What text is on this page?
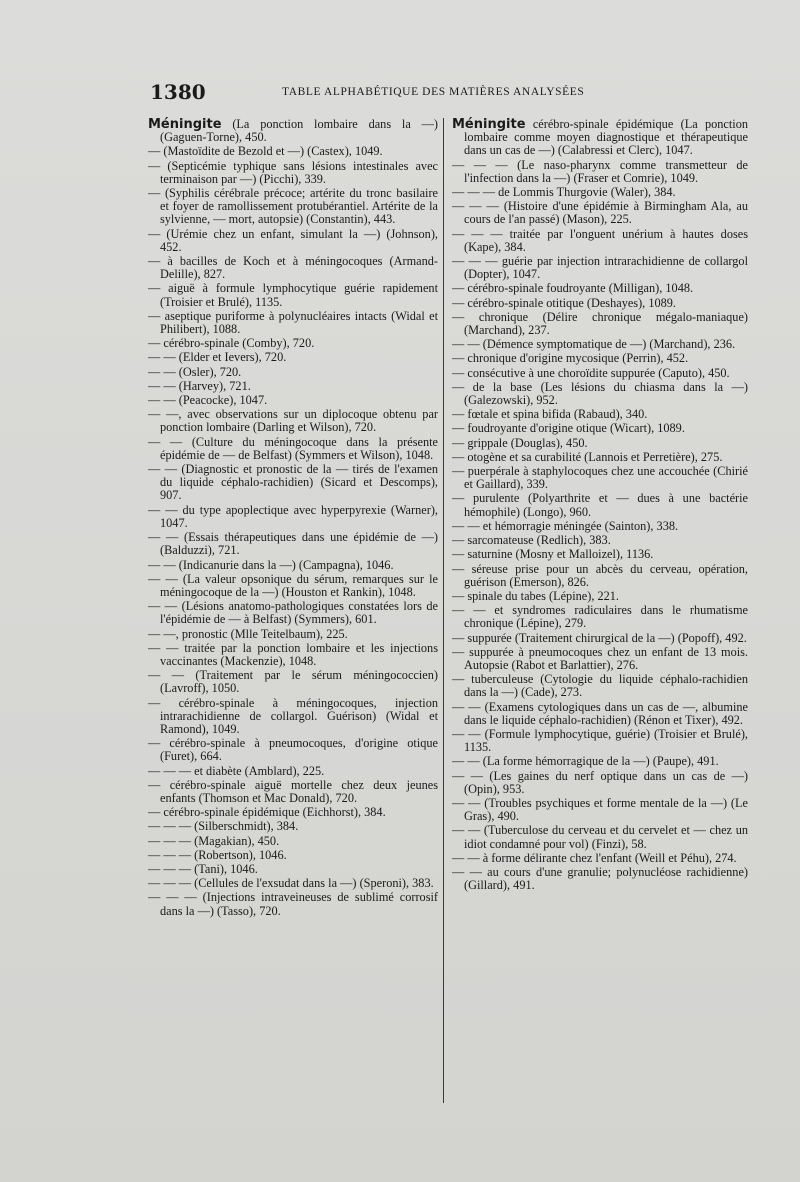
1380	TABLE ALPHABÉTIQUE DES MATIÈRES ANALYSÉES

Méningite (La ponction lombaire dans la —) (Gaguen-Torne), 450.

— (Mastoïdite de Bezold et —) (Castex), 1049.

— (Septicémie typhique sans lésions intestinales avec terminaison par —) (Picchi), 339.

— (Syphilis cérébrale précoce; artérite du tronc basilaire et foyer de ramollissement protubérantiel. Artérite de la sylvienne, — mort, autopsie) (Constantin), 443.

— (Urémie chez un enfant, simulant la —) (Johnson), 452.

— à bacilles de Koch et à méningocoques (Armand-Delille), 827.

— aiguë à formule lymphocytique guérie rapidement (Troisier et Brulé), 1135.

— aseptique puriforme à polynucléaires intacts (Widal et Philibert), 1088.

— cérébro-spinale (Comby), 720.

— — (Elder et Ievers), 720.

— — (Osler), 720.

— — (Harvey), 721.

— — (Peacocke), 1047.

— —, avec observations sur un diplocoque obtenu par ponction lombaire (Darling et Wilson), 720.

— — (Culture du méningocoque dans la présente épidémie de — de Belfast) (Symmers et Wilson), 1048.

— — (Diagnostic et pronostic de la — tirés de l'examen du liquide céphalo-rachidien) (Sicard et Descomps), 907.

— — du type apoplectique avec hyperpyrexie (Warner), 1047.

— — (Essais thérapeutiques dans une épidémie de —) (Balduzzi), 721.

— — (Indicanurie dans la —) (Campagna), 1046.

— — (La valeur opsonique du sérum, remarques sur le méningocoque de la —) (Houston et Rankin), 1048.

— — (Lésions anatomo-pathologiques constatées lors de l'épidémie de — à Belfast) (Symmers), 601.

— —, pronostic (Mlle Teitelbaum), 225.

— — traitée par la ponction lombaire et les injections vaccinantes (Mackenzie), 1048.

— — (Traitement par le sérum méningococcien) (Lavroff), 1050.

— cérébro-spinale à méningocoques, injection intrarachidienne de collargol. Guérison) (Widal et Ramond), 1049.

— cérébro-spinale à pneumocoques, d'origine otique (Furet), 664.

— — — et diabète (Amblard), 225.

— cérébro-spinale aiguë mortelle chez deux jeunes enfants (Thomson et Mac Donald), 720.

— cérébro-spinale épidémique (Eichhorst), 384.

— — — (Silberschmidt), 384.

— — — (Magakian), 450.

— — — (Robertson), 1046.

— — — (Tani), 1046.

— — — (Cellules de l'exsudat dans la —) (Speroni), 383.

— — — (Injections intraveineuses de sublimé corrosif dans la —) (Tasso), 720.

Méningite cérébro-spinale épidémique (La ponction lombaire comme moyen diagnostique et thérapeutique dans un cas de —) (Calabressi et Clerc), 1047.

— — — (Le naso-pharynx comme transmetteur de l'infection dans la —) (Fraser et Comrie), 1049.

— — — de Lommis Thurgovie (Waler), 384.

— — — (Histoire d'une épidémie à Birmingham Ala, au cours de l'an passé) (Mason), 225.

— — — traitée par l'onguent unérium à hautes doses (Kape), 384.

— — — guérie par injection intrarachidienne de collargol (Dopter), 1047.

— cérébro-spinale foudroyante (Milligan), 1048.

— cérébro-spinale otitique (Deshayes), 1089.

— chronique (Délire chronique mégalo-maniaque) (Marchand), 237.

— — (Démence symptomatique de —) (Marchand), 236.

— chronique d'origine mycosique (Perrin), 452.

— consécutive à une choroïdite suppurée (Caputo), 450.

— de la base (Les lésions du chiasma dans la —) (Galezowski), 952.

— fœtale et spina bifida (Rabaud), 340.

— foudroyante d'origine otique (Wicart), 1089.

— grippale (Douglas), 450.

— otogène et sa curabilité (Lannois et Perretière), 275.

— puerpérale à staphylocoques chez une accouchée (Chirié et Gaillard), 339.

— purulente (Polyarthrite et — dues à une bactérie hémophile) (Longo), 960.

— — et hémorragie méningée (Sainton), 338.

— sarcomateuse (Redlich), 383.

— saturnine (Mosny et Malloizel), 1136.

— séreuse prise pour un abcès du cerveau, opération, guérison (Emerson), 826.

— spinale du tabes (Lépine), 221.

— — et syndromes radiculaires dans le rhumatisme chronique (Lépine), 279.

— suppurée (Traitement chirurgical de la —) (Popoff), 492.

— suppurée à pneumocoques chez un enfant de 13 mois. Autopsie (Rabot et Barlattier), 276.

— tuberculeuse (Cytologie du liquide céphalo-rachidien dans la —) (Cade), 273.

— — (Examens cytologiques dans un cas de —, albumine dans le liquide céphalo-rachidien) (Rénon et Tixer), 492.

— — (Formule lymphocytique, guérie) (Troisier et Brulé), 1135.

— — (La forme hémorragique de la —) (Paupe), 491.

— — (Les gaines du nerf optique dans un cas de —) (Opin), 953.

— — (Troubles psychiques et forme mentale de la —) (Le Gras), 490.

— — (Tuberculose du cerveau et du cervelet et — chez un idiot condamné pour vol) (Finzi), 58.

— — à forme délirante chez l'enfant (Weill et Péhu), 274.

— — au cours d'une granulie; polynucléose rachidienne) (Gillard), 491.
